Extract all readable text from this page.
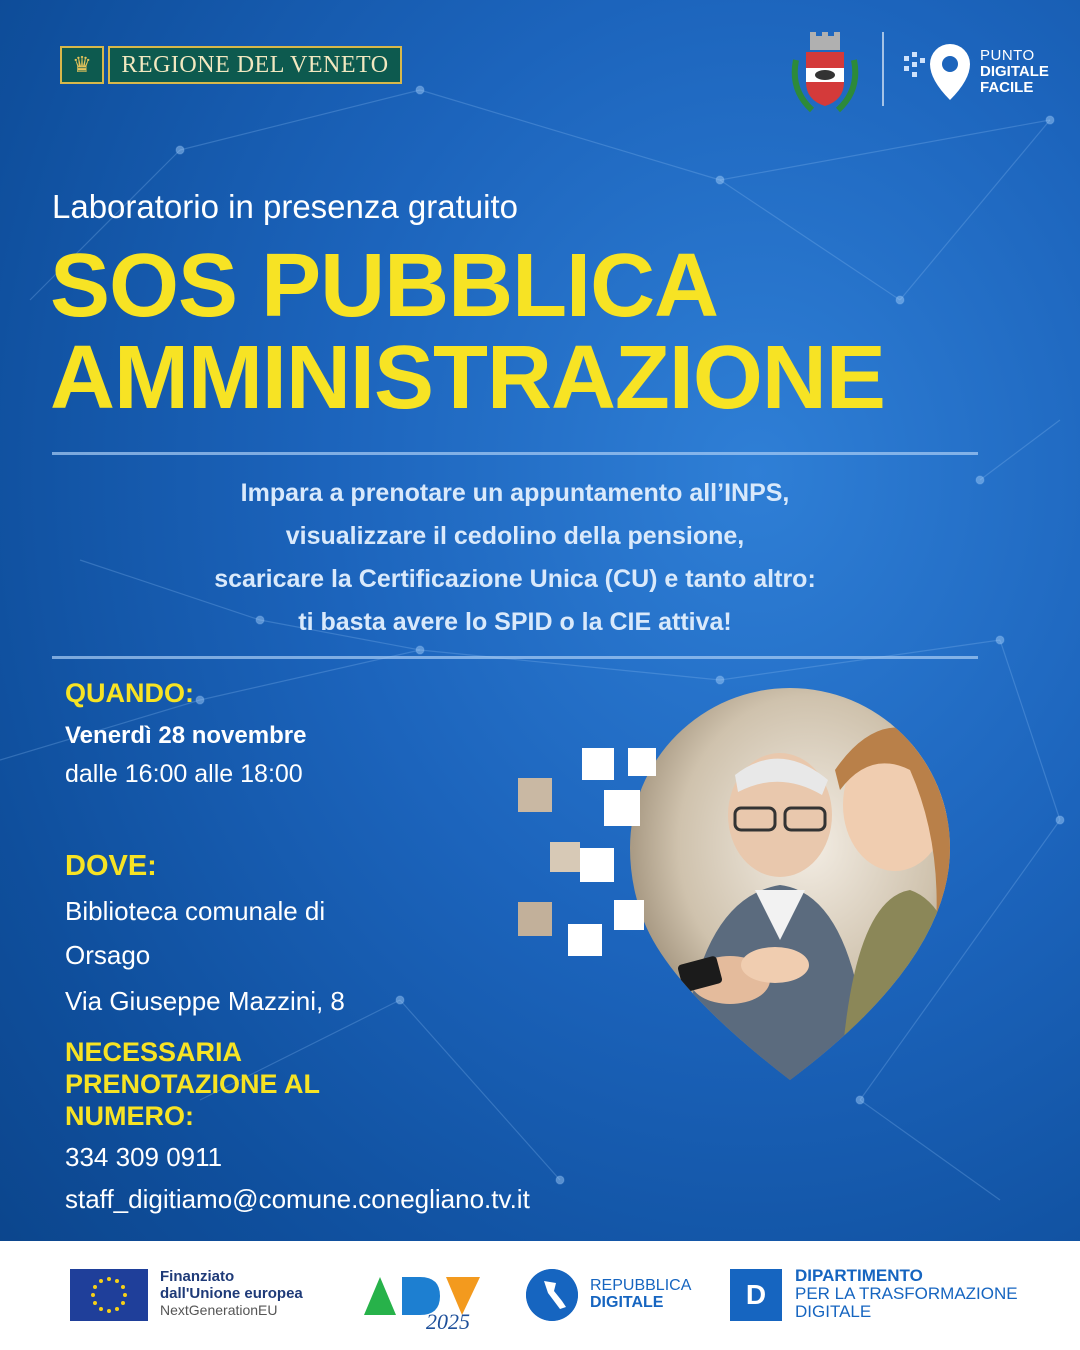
♛	REGIONE DEL VENETO	PUNTO
DIGITALE
FACILE
Laboratorio in presenza gratuito
SOS PUBBLICA
AMMINISTRAZIONE
Impara a prenotare un appuntamento all’INPS,
visualizzare il cedolino della pensione,
scaricare la Certificazione Unica (CU) e tanto altro:
ti basta avere lo SPID o la CIE attiva!
QUANDO:
Venerdì 28 novembre
dalle 16:00 alle 18:00
DOVE:
Biblioteca comunale di
Orsago
Via Giuseppe Mazzini, 8
NECESSARIA
PRENOTAZIONE AL
NUMERO:
334 309 0911
staff_digitiamo@comune.conegliano.tv.it
Finanziato
dall'Unione europea
NextGenerationEU	2025
REPUBBLICA
DIGITALE	D
DIPARTIMENTO
PER LA TRASFORMAZIONE
DIGITALE
